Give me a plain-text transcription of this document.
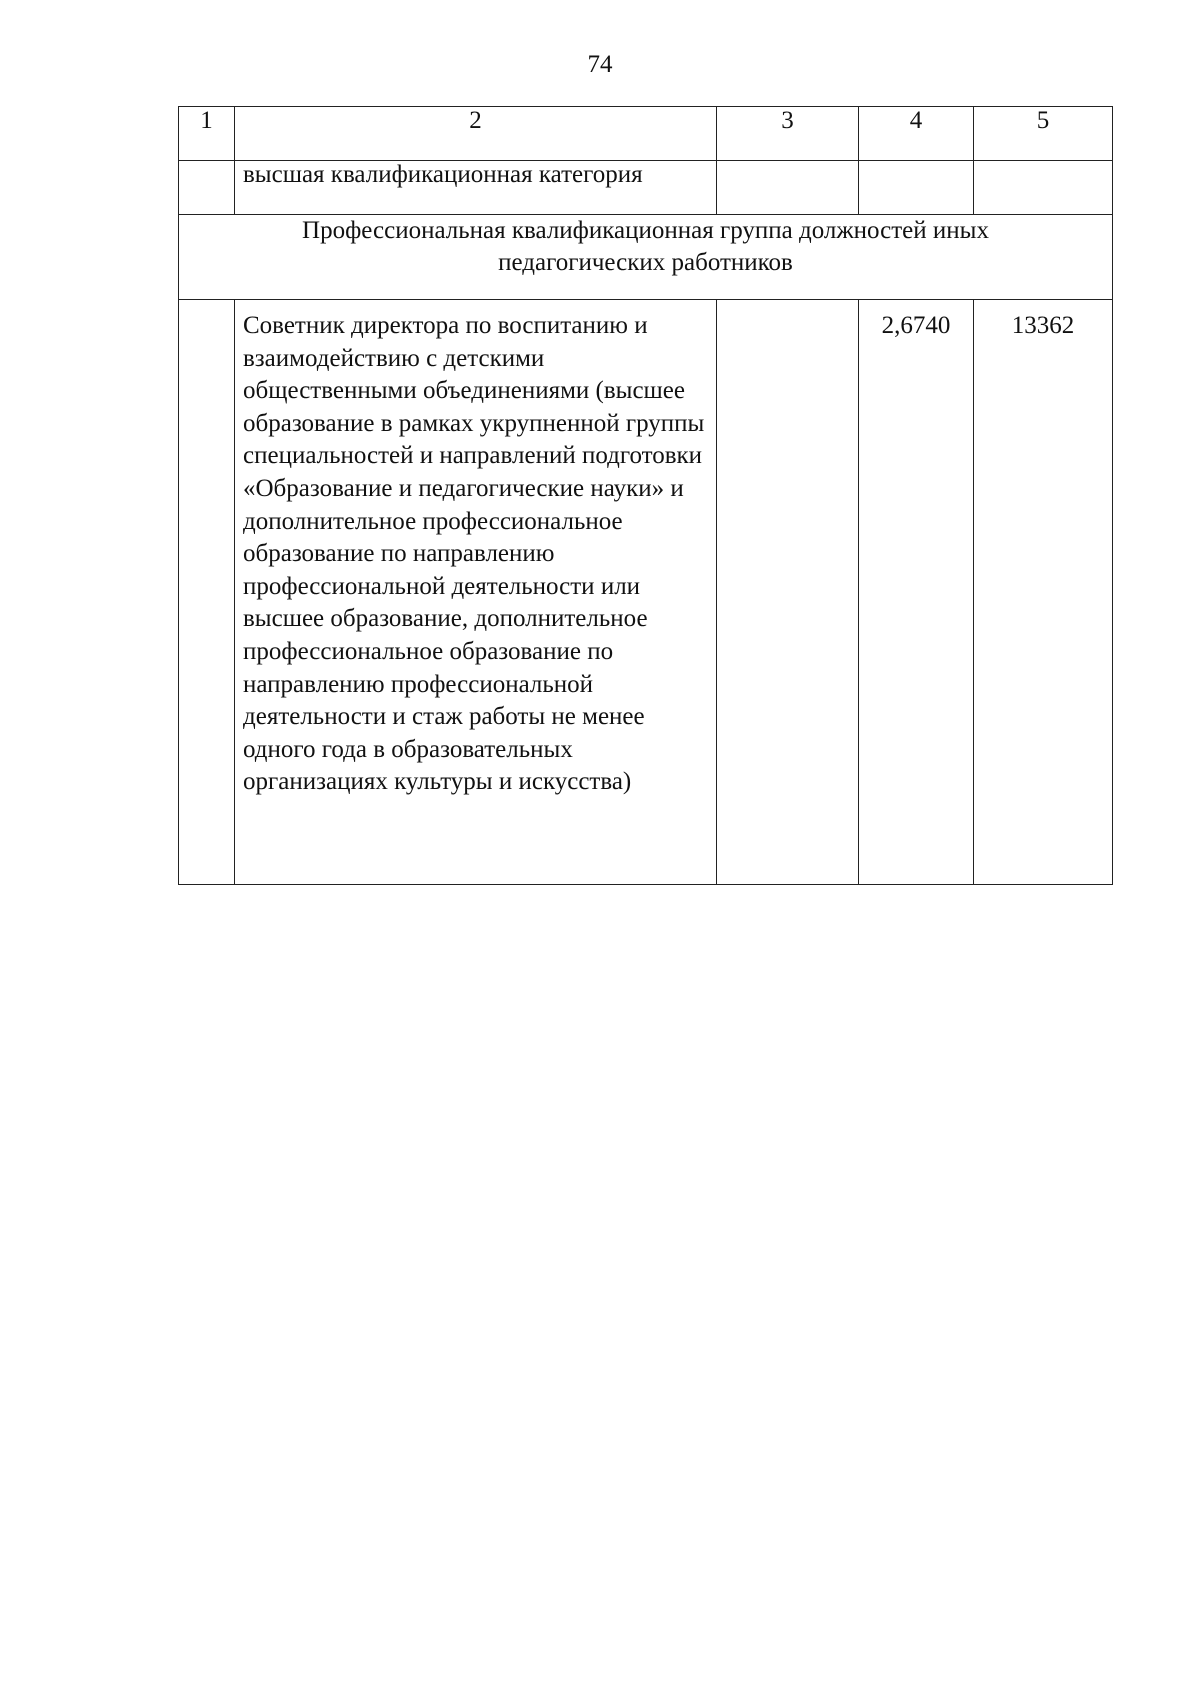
74
1	2	3	4	5
	высшая квалификационная категория			

Профессиональная квалификационная группа должностей иных педагогических работников				

	Советник директора по воспитанию и взаимодействию с детскими общественными объединениями (высшее образование в рамках укрупненной группы специальностей и направлений подготовки «Образование и педагогические науки» и дополнительное профессиональное образование по направлению профессиональной деятельности или высшее образование, дополнительное профессиональное образование по направлению профессиональной деятельности и стаж работы не менее одного года в образовательных организациях культуры и искусства)		2,6740	13362
